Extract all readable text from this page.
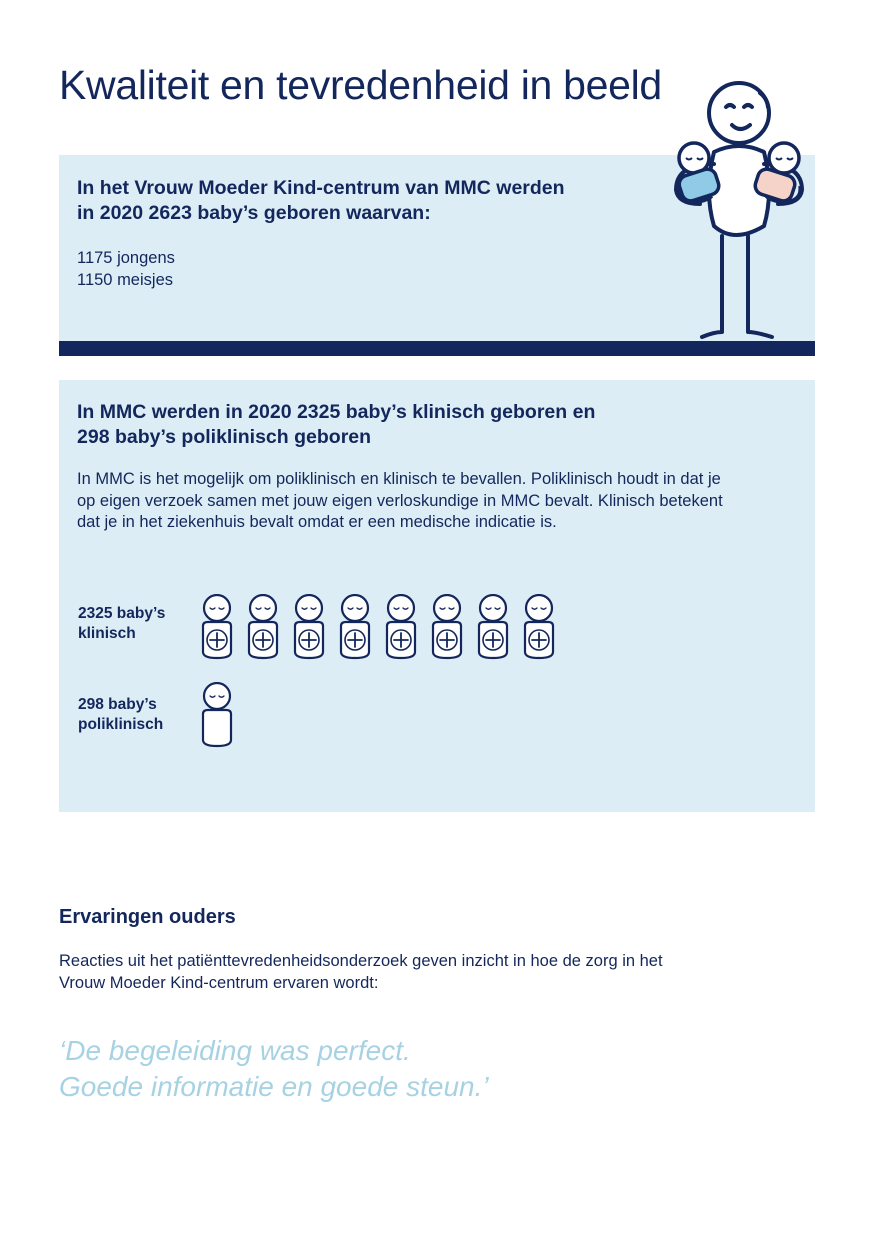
Kwaliteit en tevredenheid in beeld
In het Vrouw Moeder Kind-centrum van MMC werden
in 2020 2623 baby’s geboren waarvan:
1175 jongens
1150 meisjes
In MMC werden in 2020 2325 baby’s klinisch geboren en
298 baby’s poliklinisch geboren

In MMC is het mogelijk om poliklinisch en klinisch te bevallen. Poliklinisch houdt in dat je
op eigen verzoek samen met jouw eigen verloskundige in MMC bevalt. Klinisch betekent
dat je in het ziekenhuis bevalt omdat er een medische indicatie is.

2325 baby’s
klinisch
298 baby’s
poliklinisch
Ervaringen ouders

Reacties uit het patiënttevredenheidsonderzoek geven inzicht in hoe de zorg in het
Vrouw Moeder Kind-centrum ervaren wordt:

‘De begeleiding was perfect.
Goede informatie en goede steun.’
